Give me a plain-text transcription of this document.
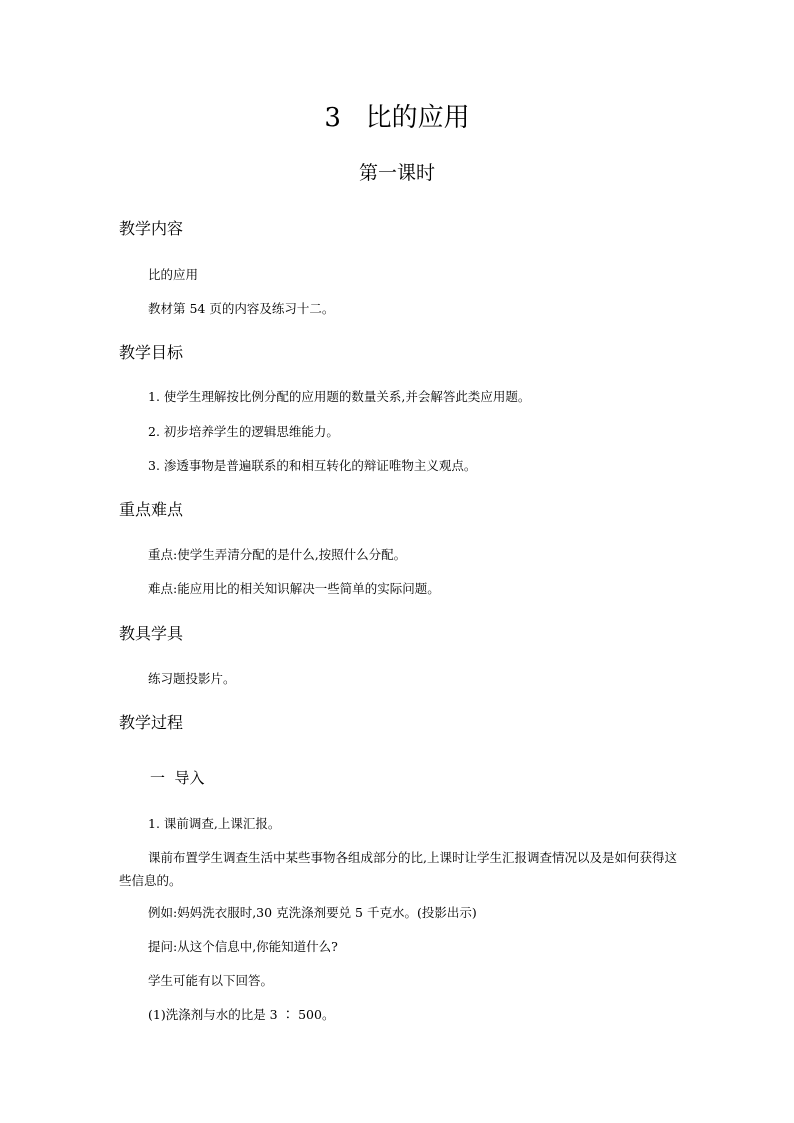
3   比的应用
第一课时
教学内容
比的应用
教材第 54 页的内容及练习十二。
教学目标
1. 使学生理解按比例分配的应用题的数量关系,并会解答此类应用题。
2. 初步培养学生的逻辑思维能力。
3. 渗透事物是普遍联系的和相互转化的辩证唯物主义观点。
重点难点
重点:使学生弄清分配的是什么,按照什么分配。
难点:能应用比的相关知识解决一些简单的实际问题。
教具学具
练习题投影片。
教学过程
一  导入
1. 课前调查,上课汇报。
课前布置学生调查生活中某些事物各组成部分的比,上课时让学生汇报调查情况以及是如何获得这些信息的。
例如:妈妈洗衣服时,30 克洗涤剂要兑 5 千克水。(投影出示)
提问:从这个信息中,你能知道什么?
学生可能有以下回答。
(1)洗涤剂与水的比是 3 ∶ 500。
